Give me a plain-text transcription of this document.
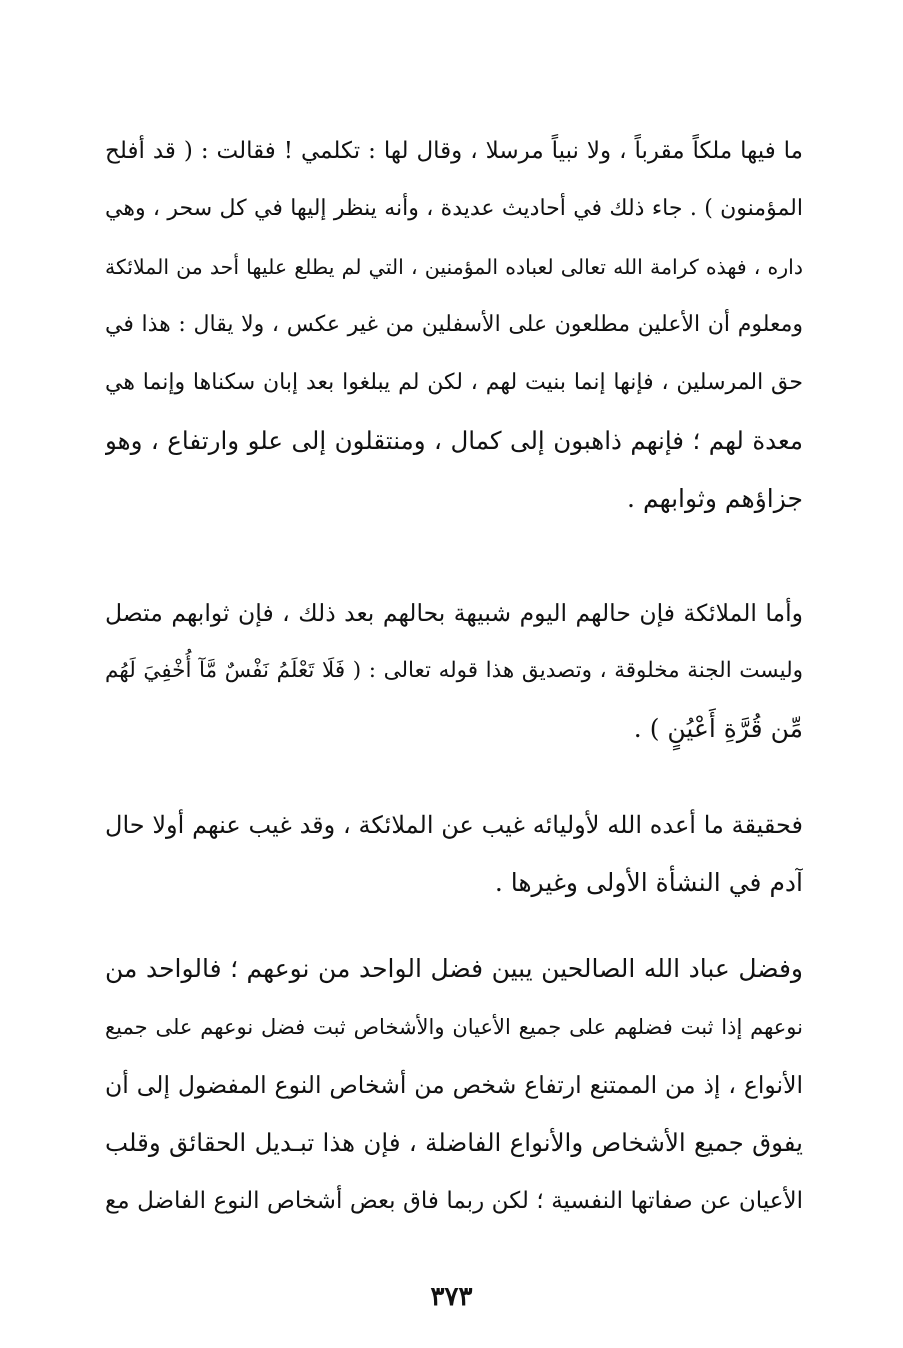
ما فيها ملكاً مقرباً ، ولا نبياً مرسلا ، وقال لها : تكلمي ! فقالت : ( قد أفلح
المؤمنون ) . جاء ذلك في أحاديث عديدة ، وأنه ينظر إليها في كل سحر ، وهي
داره ، فهذه كرامة الله تعالى لعباده المؤمنين ، التي لم يطلع عليها أحد من الملائكة
ومعلوم أن الأعلين مطلعون على الأسفلين من غير عكس ، ولا يقال : هذا في
حق المرسلين ، فإنها إنما بنيت لهم ، لكن لم يبلغوا بعد إبان سكناها وإنما هي
معدة لهم ؛ فإنهم ذاهبون إلى كمال ، ومنتقلون إلى علو وارتفاع ، وهو
جزاؤهم وثوابهم .
وأما الملائكة فإن حالهم اليوم شبيهة بحالهم بعد ذلك ، فإن ثوابهم متصل
وليست الجنة مخلوقة ، وتصديق هذا قوله تعالى : ( فَلَا تَعْلَمُ نَفْسٌ مَّآ أُخْفِيَ لَهُم
مِّن قُرَّةِ أَعْيُنٍ ) .
فحقيقة ما أعده الله لأوليائه غيب عن الملائكة ، وقد غيب عنهم أولا حال
آدم في النشأة الأولى وغيرها .
وفضل عباد الله الصالحين يبين فضل الواحد من نوعهم ؛ فالواحد من
نوعهم إذا ثبت فضلهم على جميع الأعيان والأشخاص ثبت فضل نوعهم على جميع
الأنواع ، إذ من الممتنع ارتفاع شخص من أشخاص النوع المفضول إلى أن
يفوق جميع الأشخاص والأنواع الفاضلة ، فإن هذا تبـديل الحقائق وقلب
الأعيان عن صفاتها النفسية ؛ لكن ربما فاق بعض أشخاص النوع الفاضل مع
٣٧٣
